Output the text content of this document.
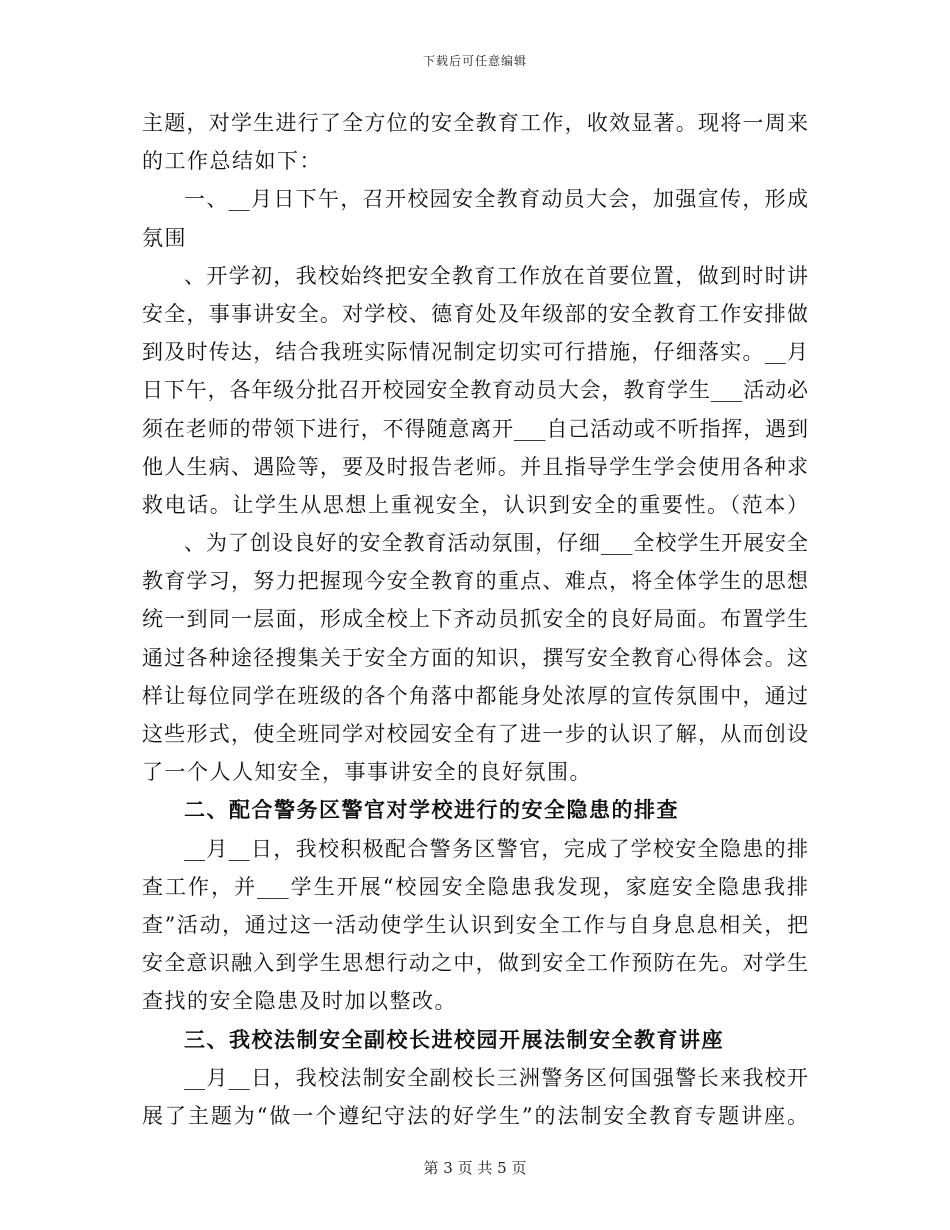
下载后可任意编辑
主题，对学生进行了全方位的安全教育工作，收效显著。现将一周来
的工作总结如下：
一、__月日下午，召开校园安全教育动员大会，加强宣传，形成
氛围
、开学初，我校始终把安全教育工作放在首要位置，做到时时讲
安全，事事讲安全。对学校、德育处及年级部的安全教育工作安排做
到及时传达，结合我班实际情况制定切实可行措施，仔细落实。__月
日下午，各年级分批召开校园安全教育动员大会，教育学生___活动必
须在老师的带领下进行，不得随意离开___自己活动或不听指挥，遇到
他人生病、遇险等，要及时报告老师。并且指导学生学会使用各种求
救电话。让学生从思想上重视安全，认识到安全的重要性。（范本）
、为了创设良好的安全教育活动氛围，仔细___全校学生开展安全
教育学习，努力把握现今安全教育的重点、难点，将全体学生的思想
统一到同一层面，形成全校上下齐动员抓安全的良好局面。布置学生
通过各种途径搜集关于安全方面的知识，撰写安全教育心得体会。这
样让每位同学在班级的各个角落中都能身处浓厚的宣传氛围中，通过
这些形式，使全班同学对校园安全有了进一步的认识了解，从而创设
了一个人人知安全，事事讲安全的良好氛围。
二、配合警务区警官对学校进行的安全隐患的排查
__月__日，我校积极配合警务区警官，完成了学校安全隐患的排
查工作，并___学生开展“校园安全隐患我发现，家庭安全隐患我排
查”活动，通过这一活动使学生认识到安全工作与自身息息相关，把
安全意识融入到学生思想行动之中，做到安全工作预防在先。对学生
查找的安全隐患及时加以整改。
三、我校法制安全副校长进校园开展法制安全教育讲座
__月__日，我校法制安全副校长三洲警务区何国强警长来我校开
展了主题为“做一个遵纪守法的好学生”的法制安全教育专题讲座。
第 3 页 共 5 页
